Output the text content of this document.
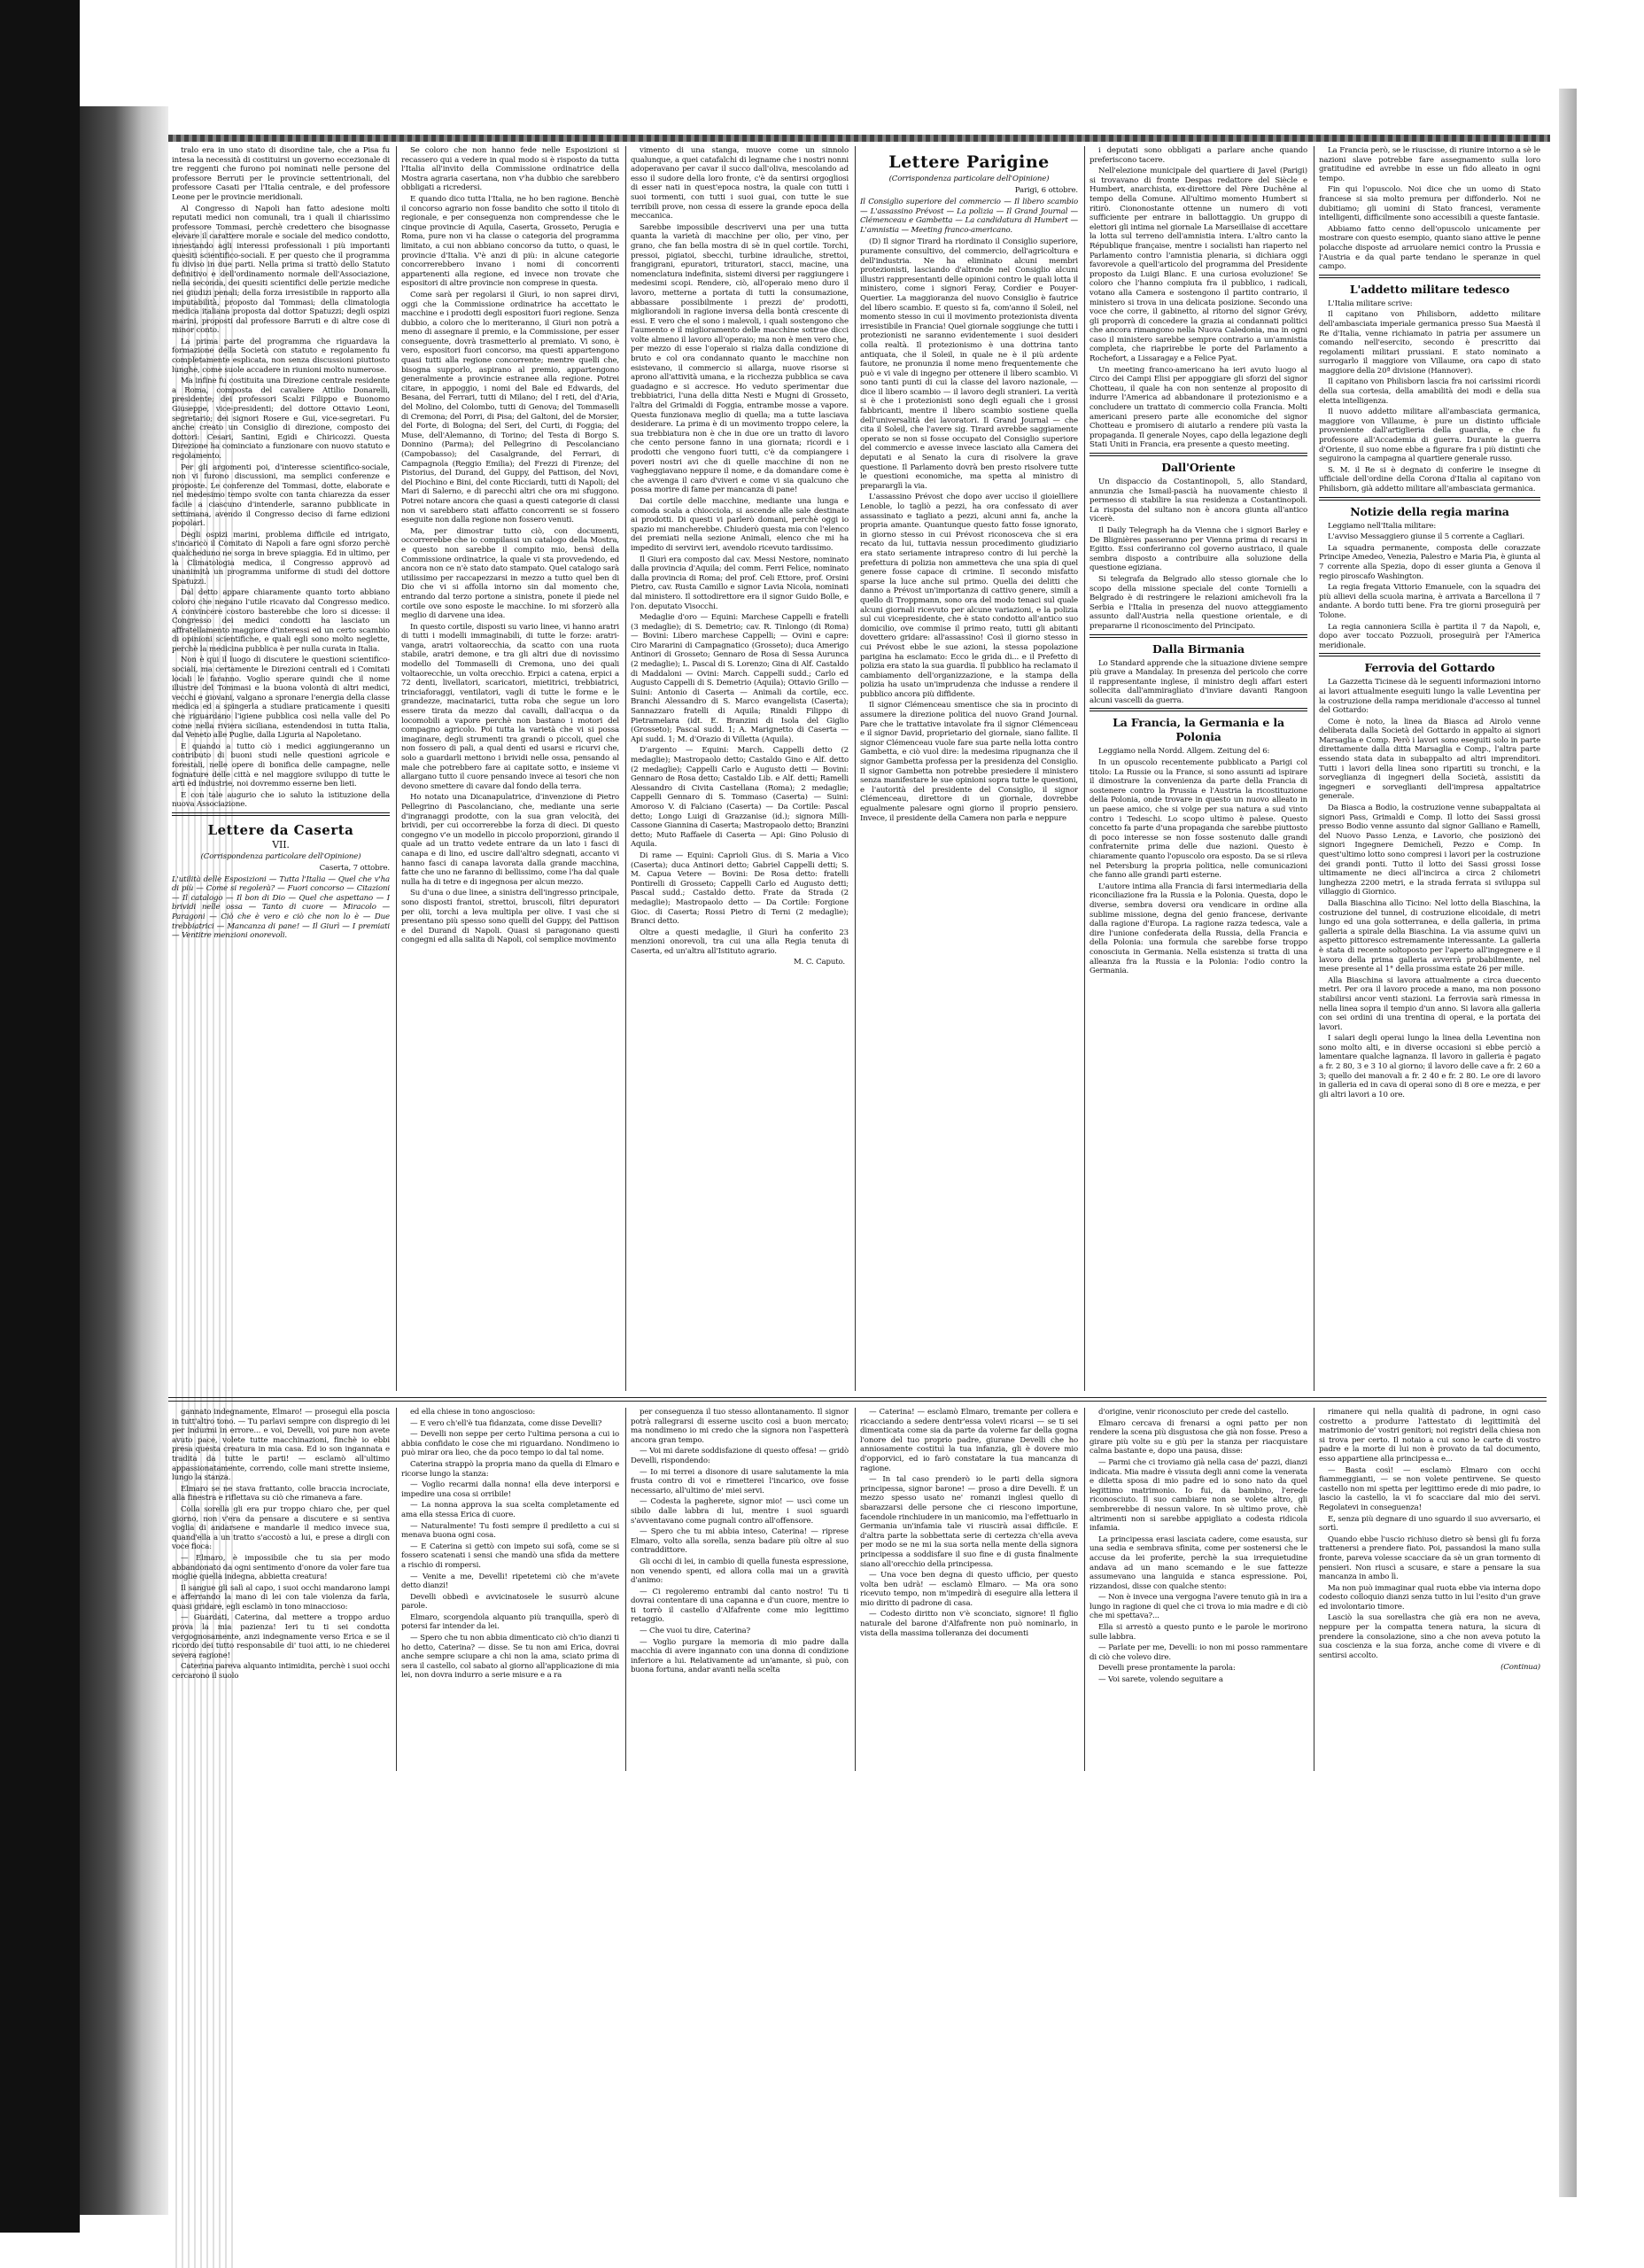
tralo era in uno stato di disordine tale, che a Pisa fu intesa la necessità di costituirsi un governo eccezionale di tre reggenti che furono poi nominati nelle persone del professore Berruti per le provincie settentrionali, del professore Casati per l'Italia centrale, e del professore Leone per le provincie meridionali.

Al Congresso di Napoli han fatto adesione molti reputati medici non comunali, tra i quali il chiarissimo professore Tommasi, perchè credettero che bisognasse elevare il carattere morale e sociale del medico condotto, innestando agli interessi professionali i più importanti quesiti scientifico-sociali. E per questo che il programma fu diviso in due parti. Nella prima si trattò dello Statuto definitivo e dell'ordinamento normale dell'Associazione, nella seconda, dei quesiti scientifici delle perizie mediche nei giudizi penali; della forza irresistibile in rapporto alla imputabilità, proposto dal Tommasi; della climatologia medica italiana proposta dal dottor Spatuzzi; degli ospizi marini, proposti dal professore Barruti e di altre cose di minor conto.

La prima parte del programma che riguardava la formazione della Società con statuto e regolamento fu completamente esplicata, non senza discussioni piuttosto lunghe, come suole accadere in riunioni molto numerose.

Ma infine fu costituita una Direzione centrale residente a Roma, composta del cavaliere Attilio Donarelli, presidente; dei professori Scalzi Filippo e Buonomo Giuseppe, vice-presidenti; del dottore Ottavio Leoni, segretario; dei signori Rosere e Gui, vice-segretari. Fu anche creato un Consiglio di direzione, composto dei dottori: Cesari, Santini, Egidi e Chiricozzi. Questa Direzione ha cominciato a funzionare con nuovo statuto e regolamento.

Per gli argomenti poi, d'interesse scientifico-sociale, non vi furono discussioni, ma semplici conferenze e proposte. Le conferenze del Tommasi, dotte, elaborate e nel medesimo tempo svolte con tanta chiarezza da esser facile a ciascuno d'intenderle, saranno pubblicate in settimana, avendo il Congresso deciso di farne edizioni popolari.

Degli ospizi marini, problema difficile ed intrigato, s'incaricò il Comitato di Napoli a fare ogni sforzo perchè qualcheduno ne sorga in breve spiaggia. Ed in ultimo, per la Climatologia medica, il Congresso approvò ad unanimità un programma uniforme di studi del dottore Spatuzzi.

Dal detto appare chiaramente quanto torto abbiano coloro che negano l'utile ricavato dal Congresso medico. A convincere costoro basterebbe che loro si dicesse: il Congresso dei medici condotti ha lasciato un affratellamento maggiore d'interessi ed un certo scambio di opinioni scientifiche, e quali egli sono molto neglette, perchè la medicina pubblica è per nulla curata in Italia.

Non è qui il luogo di discutere le questioni scientifico-sociali, ma certamente le Direzioni centrali ed i Comitati locali le faranno. Voglio sperare quindi che il nome illustre del Tommasi e la buona volontà di altri medici, vecchi e giovani, valgano a spronare l'energia della classe medica ed a spingerla a studiare praticamente i quesiti che riguardano l'igiene pubblica così nella valle del Po come nella riviera siciliana, estendendosi in tutta Italia, dal Veneto alle Puglie, dalla Liguria al Napoletano.

E quando a tutto ciò i medici aggiungeranno un contributo di buoni studi nelle questioni agricole e forestali, nelle opere di bonifica delle campagne, nelle fognature delle città e nel maggiore sviluppo di tutte le arti ed industrie, noi dovremmo esserne ben lieti.

E con tale augurio che io saluto la istituzione della nuova Associazione.

Lettere da Caserta
VII.
(Corrispondenza particolare dell'Opinione)
Caserta, 7 ottobre.
L'utilità delle Esposizioni — Tutta l'Italia — Quel che v'ha di più — Come si regolerà? — Fuori concorso — Citazioni — Il catalogo — Il bon di Dio — Quel che aspettano — I brividi nelle ossa — Tanto di cuore — Miracolo — Paragoni — Ciò che è vero e ciò che non lo è — Due trebbiatrici — Mancanza di pane! — Il Giurì — I premiati — Ventitre menzioni onorevoli.

Se coloro che non hanno fede nelle Esposizioni si recassero qui a vedere in qual modo si è risposto da tutta l'Italia all'invito della Commissione ordinatrice della Mostra agraria casertana, non v'ha dubbio che sarebbero obbligati a ricredersi.

E quando dico tutta l'Italia, ne ho ben ragione. Benchè il concorso agrario non fosse bandito che sotto il titolo di regionale, e per conseguenza non comprendesse che le cinque provincie di Aquila, Caserta, Grosseto, Perugia e Roma, pure non vi ha classe o categoria del programma limitato, a cui non abbiano concorso da tutto, o quasi, le provincie d'Italia. V'è anzi di più: in alcune categorie concorrerebbero invano i nomi di concorrenti appartenenti alla regione, ed invece non trovate che espositori di altre provincie non comprese in questa.

Come sarà per regolarsi il Giurì, io non saprei dirvi, oggi che la Commissione ordinatrice ha accettato le macchine e i prodotti degli espositori fuori regione. Senza dubbio, a coloro che lo meriteranno, il Giurì non potrà a meno di assegnare il premio, e la Commissione, per esser conseguente, dovrà trasmetterlo al premiato. Vi sono, è vero, espositori fuori concorso, ma questi appartengono quasi tutti alla regione concorrente; mentre quelli che, bisogna supporlo, aspirano al premio, appartengono generalmente a provincie estranee alla regione. Potrei citare, in appoggio, i nomi del Bale ed Edwards, del Besana, del Ferrari, tutti di Milano; del I reti, del d'Aria, del Molino, del Colombo, tutti di Genova; del Tommaselli di Cremona; del Porri, di Pisa; del Galtoni, del de Morsier, del Forte, di Bologna; del Seri, del Curti, di Foggia; del Muse, dell'Alemanno, di Torino; del Testa di Borgo S. Donnino (Parma); del Pellegrino di Pescolanciano (Campobasso); del Casalgrande, del Ferrari, di Campagnola (Reggio Emilia); del Frezzi di Firenze; del Pistorius, del Durand, del Guppy, del Pattison, del Novi, del Piochino e Bini, del conte Ricciardi, tutti di Napoli; del Mari di Salerno, e di parecchi altri che ora mi sfuggono. Potrei notare ancora che quasi a questi categorie di classi non vi sarebbero stati affatto concorrenti se si fossero eseguite non dalla regione non fossero venuti.

Ma, per dimostrar tutto ciò, con documenti, occorrerebbe che io compilassi un catalogo della Mostra, e questo non sarebbe il compito mio, bensì della Commissione ordinatrice, la quale vi sta provvedendo, ed ancora non ce n'è stato dato stampato. Quel catalogo sarà utilissimo per raccapezzarsi in mezzo a tutto quel ben di Dio che vi si affolla intorno sin dal momento che, entrando dal terzo portone a sinistra, ponete il piede nel cortile ove sono esposte le macchine. Io mi sforzerò alla meglio di darvene una idea.

In questo cortile, disposti su vario linee, vi hanno aratri di tutti i modelli immaginabili, di tutte le forze: aratri-vanga, aratri voltaorecchia, da scatto con una ruota stabile, aratri demone, e tra gli altri due di novissimo modello del Tommaselli di Cremona, uno dei quali voltaorecchie, un volta orecchio. Erpici a catena, erpici a 72 denti, livellatori, scaricatori, mietitrici, trebbiatrici, trinciaforaggi, ventilatori, vagli di tutte le forme e le grandezze, macinatarici, tutta roba che segue un loro essere tirata da mezzo dal cavalli, dall'acqua o da locomobili a vapore perchè non bastano i motori del compagno agricolo. Poi tutta la varietà che vi si possa imaginare, degli strumenti tra grandi o piccoli, quel che non fossero di pali, a qual denti ed usarsi e ricurvi che, solo a guardarli mettono i brividi nelle ossa, pensando al male che potrebbero fare ai capitate sotto, e insieme vi allargano tutto il cuore pensando invece ai tesori che non devono smettere di cavare dal fondo della terra.

Ho notato una Dicanapulatrice, d'invenzione di Pietro Pellegrino di Pascolanciano, che, mediante una serie d'ingranaggi prodotte, con la sua gran velocità, dei brividi, per cui occorrerebbe la forza di dieci. Di questo congegno v'e un modello in piccolo proporzioni, girando il quale ad un tratto vedete entrare da un lato i fasci di canapa e di lino, ed uscire dall'altro sdegnati, accanto vi hanno fasci di canapa lavorata dalla grande macchina, fatte che uno ne faranno di bellissimo, come l'ha dal quale nulla ha di tetre e di ingegnosa per alcun mezzo.

Su d'una o due linee, a sinistra dell'ingresso principale, sono disposti frantoi, strettoi, bruscoli, filtri depuratori per olii, torchi a leva multipla per olive. I vasi che si presentano più spesso sono quelli del Guppy, del Pattison e del Durand di Napoli. Quasi si paragonano questi congegni ed alla salita di Napoli, col semplice movimento

vimento di una stanga, muove come un sinnolo qualunque, a quei catafalchi di legname che i nostri nonni adoperavano per cavar il succo dall'oliva, mescolando ad esso il sudore della loro fronte, c'è da sentirsi orgogliosi di esser nati in quest'epoca nostra, la quale con tutti i suoi tormenti, con tutti i suoi guai, con tutte le sue terribili prove, non cessa di essere la grande epoca della meccanica.

Sarebbe impossibile descrivervi una per una tutta quanta la varietà di macchine per olio, per vino, per grano, che fan bella mostra di sè in quel cortile. Torchi, pressoi, pigiatoi, sbecchi, turbine idrauliche, strettoi, frangigrani, epuratori, trituratori, stacci, macine, una nomenclatura indefinita, sistemi diversi per raggiungere i medesimi scopi. Rendere, ciò, all'operaio meno duro il lavoro, metterne a portata di tutti la consumazione, abbassare possibilmente i prezzi de' prodotti, migliorandoli in ragione inversa della bontà crescente di essi. E vero che el sono i malevoli, i quali sostengono che l'aumento e il miglioramento delle macchine sottrae dicci volte almeno il lavoro all'operaio; ma non è men vero che, per mezzo di esse l'operaio si rialza dalla condizione di bruto e col ora condannato quanto le macchine non esistevano, il commercio si allarga, nuove risorse si aprono all'attività umana, e la ricchezza pubblica se cava guadagno e si accresce. Ho veduto sperimentar due trebbiatrici, l'una della ditta Nesti e Mugni di Grosseto, l'altra del Grimaldi di Foggia, entrambe mosse a vapore. Questa funzionava meglio di quella; ma a tutte lasciava desiderare. La prima è di un movimento troppo celere, la sua trebbiatura non è che in due ore un tratto di lavoro che cento persone fanno in una giornata; ricordi e i prodotti che vengono fuori tutti, c'è da compiangere i poveri nostri avi che di quelle macchine di non ne vagheggiavano neppure il nome, e da domandare come è che avvenga il caro d'viveri e come vi sia qualcuno che possa morire di fame per mancanza di pane!

Dai cortile delle macchine, mediante una lunga e comoda scala a chiocciola, si ascende alle sale destinate ai prodotti. Di questi vi parlerò domani, perchè oggi io spazio mi mancherebbe. Chiuderò questa mia con l'elenco dei premiati nella sezione Animali, elenco che mi ha impedito di servirvi ieri, avendolo ricevuto tardissimo.

Il Giurì era composto dal cav. Messi Nestore, nominato dalla provincia d'Aquila; del comm. Ferri Felice, nominato dalla provincia di Roma; del prof. Celi Ettore, prof. Orsini Pietro, cav. Rusta Camillo e signor Lavia Nicola, nominati dal ministero. Il sottodirettore era il signor Guido Bolle, e l'on. deputato Visocchi.

Medaglie d'oro — Equini: Marchese Cappelli e fratelli (3 medaglie); di S. Demetrio; cav. R. Tinlongo (di Roma) — Bovini: Libero marchese Cappelli; — Ovini e capre: Ciro Mararini di Campagnatico (Grosseto); duca Amerigo Antinori di Grosseto; Gennaro de Rosa di Sessa Aurunca (2 medaglie); L. Pascal di S. Lorenzo; Gina di Alf. Castaldo di Maddaloni — Ovini: March. Cappelli sudd.; Carlo ed Augusto Cappelli di S. Demetrio (Aquila); Ottavio Grillo — Suini: Antonio di Caserta — Animali da cortile, ecc. Branchi Alessandro di S. Marco evangelista (Caserta); Sannazzaro fratelli di Aquila; Rinaldi Filippo di Pietramelara (idt. E. Branzini di Isola del Giglio (Grosseto); Pascal sudd. 1; A. Marignetto di Caserta — Api sudd. 1; M. d'Orazio di Villetta (Aquila).

D'argento — Equini: March. Cappelli detto (2 medaglie); Mastropaolo detto; Castaldo Gino e Alf. detto (2 medaglie); Cappelli Carlo e Augusto detti — Bovini: Gennaro de Rosa detto; Castaldo Lib. e Alf. detti; Ramelli Alessandro di Civita Castellana (Roma); 2 medaglie; Cappelli Gennaro di S. Tommaso (Caserta) — Suini: Amoroso V. di Falciano (Caserta) — Da Cortile: Pascal detto; Longo Luigi di Grazzanise (id.); signora Milli-Cassone Giannina di Caserta; Mastropaolo detto; Branzini detto; Muto Raffaele di Caserta — Api: Gino Polusio di Aquila.

Di rame — Equini: Caprioli Gius. di S. Maria a Vico (Caserta); duca Antinori detto; Gabriel Cappelli detti; S. M. Capua Vetere — Bovini: De Rosa detto: fratelli Pontirelli di Grosseto; Cappelli Carlo ed Augusto detti; Pascal sudd.; Castaldo detto. Frate da Strada (2 medaglie); Mastropaolo detto — Da Cortile: Forgione Gioc. di Caserta; Rossi Pietro di Terni (2 medaglie); Branci detto.

Oltre a questi medaglie, il Giurì ha conferito 23 menzioni onorevoli, tra cui una alla Regia tenuta di Caserta, ed un'altra all'Istituto agrario.

M. C. Caputo.
Lettere Parigine
(Corrispondenza particolare dell'Opinione)
Parigi, 6 ottobre.
Il Consiglio superiore del commercio — Il libero scambio — L'assassino Prévost — La polizia — Il Grand Journal — Clémenceau e Gambetta — La candidatura di Humbert — L'amnistia — Meeting franco-americano.

(D) Il signor Tirard ha riordinato il Consiglio superiore, puramente consultivo, del commercio, dell'agricoltura e dell'industria. Ne ha eliminato alcuni membri protezionisti, lasciando d'altronde nel Consiglio alcuni illustri rappresentanti delle opinioni contro le quali lotta il ministero, come i signori Feray, Cordier e Pouyer-Quertier. La maggioranza del nuovo Consiglio è fautrice del libero scambio. E questo si fa, com'anno il Soleil, nel momento stesso in cui il movimento protezionista diventa irresistibile in Francia! Quel giornale soggiunge che tutti i protezionisti ne saranno evidentemente i suoi desideri colla realtà. Il protezionismo è una dottrina tanto antiquata, che il Soleil, in quale ne è il più ardente fautore, ne pronunzia il nome meno frequentemente che può e vi vale di ingegno per ottenere il libero scambio. Vi sono tanti punti di cui la classe del lavoro nazionale, — dice il libero scambio — il lavoro degli stranieri. La verità si è che i protezionisti sono degli eguali che i grossi fabbricanti, mentre il libero scambio sostiene quella dell'universalità dei lavoratori. Il Grand Journal — che cita il Soleil, che l'avere sig. Tirard avrebbe saggiamente operato se non si fosse occupato del Consiglio superiore del commercio e avesse invece lasciato alla Camera dei deputati e al Senato la cura di risolvere la grave questione. Il Parlamento dovrà ben presto risolvere tutte le questioni economiche, ma spetta al ministro di prepararglì la via.

L'assassino Prévost che dopo aver ucciso il gioielliere Lenoble, lo tagliò a pezzi, ha ora confessato di aver assassinato e tagliato a pezzi, alcuni anni fa, anche la propria amante. Quantunque questo fatto fosse ignorato, in giorno stesso in cui Prévost riconosceva che si era recato da lui, tuttavia nessun procedimento giudiziario era stato seriamente intrapreso contro di lui perchè la prefettura di polizia non ammetteva che una spia di quel genere fosse capace di crimine. Il secondo misfatto sparse la luce anche sul primo. Quella dei delitti che danno a Prévost un'importanza di cattivo genere, simili a quello di Troppmann, sono ora del modo tenaci sul quale alcuni giornali ricevuto per alcune variazioni, e la polizia sul cui vicepresidente, che è stato condotto all'antico suo domicilio, ove commise il primo reato, tutti gli abitanti dovettero gridare: all'assassino! Così il giorno stesso in cui Prévost ebbe le sue azioni, la stessa popolazione parigina ha esclamato: Ecco le grida di... e il Prefetto di polizia era stato la sua guardia. Il pubblico ha reclamato il cambiamento dell'organizzazione, e la stampa della polizia ha usato un'imprudenza che indusse a rendere il pubblico ancora più diffidente.

Il signor Clémenceau smentisce che sia in procinto di assumere la direzione politica del nuovo Grand Journal. Pare che le trattative intavolate fra il signor Clémenceau e il signor David, proprietario del giornale, siano fallite. Il signor Clémenceau vuole fare sua parte nella lotta contro Gambetta, e ciò vuol dire: la medesima ripugnanza che il signor Gambetta professa per la presidenza del Consiglio. Il signor Gambetta non potrebbe presiedere il ministero senza manifestare le sue opinioni sopra tutte le questioni, e l'autorità del presidente del Consiglio, il signor Clémenceau, direttore di un giornale, dovrebbe egualmente palesare ogni giorno il proprio pensiero. Invece, il presidente della Camera non parla e neppure

i deputati sono obbligati a parlare anche quando preferiscono tacere.

Nell'elezione municipale del quartiere di Javel (Parigi) si trovavano di fronte Despas redattore del Siècle e Humbert, anarchista, ex-direttore del Père Duchêne al tempo della Comune. All'ultimo momento Humbert si ritirò. Ciononostante ottenne un numero di voti sufficiente per entrare in ballottaggio. Un gruppo di elettori gli intima nel giornale La Marseillaise di accettare la lotta sul terreno dell'amnistia intera. L'altro canto la République française, mentre i socialisti han riaperto nel Parlamento contro l'amnistia plenaria, si dichiara oggi favorevole a quell'articolo del programma del Presidente proposto da Luigi Blanc. E una curiosa evoluzione! Se coloro che l'hanno compiuta fra il pubblico, i radicali, votano alla Camera e sostengono il partito contrario, il ministero si trova in una delicata posizione. Secondo una voce che corre, il gabinetto, al ritorno del signor Grévy, gli proporrà di concedere la grazia ai condannati politici che ancora rimangono nella Nuova Caledonia, ma in ogni caso il ministero sarebbe sempre contrario a un'amnistia completa, che riaprirebbe le porte del Parlamento a Rochefort, a Lissaragay e a Felice Pyat.

Un meeting franco-americano ha ieri avuto luogo al Circo dei Campi Elisi per appoggiare gli sforzi del signor Chotteau, il quale ha con non sentenze al proposito di indurre l'America ad abbandonare il protezionismo e a concludere un trattato di commercio colla Francia. Molti americani presero parte alle economiche del signor Chotteau e promisero di aiutarlo a rendere più vasta la propaganda. Il generale Noyes, capo della legazione degli Stati Uniti in Francia, era presente a questo meeting.

Dall'Oriente

Un dispaccio da Costantinopoli, 5, allo Standard, annunzia che Ismail-pascià ha nuovamente chiesto il permesso di stabilire la sua residenza a Costantinopoli. La risposta del sultano non è ancora giunta all'antico vicerè.

Il Daily Telegraph ha da Vienna che i signori Barley e De Blignières passeranno per Vienna prima di recarsi in Egitto. Essi conferiranno col governo austriaco, il quale sembra disposto a contribuire alla soluzione della questione egiziana.

Si telegrafa da Belgrado allo stesso giornale che lo scopo della missione speciale del conte Tornielli a Belgrado è di restringere le relazioni amichevoli fra la Serbia e l'Italia in presenza del nuovo atteggiamento assunto dall'Austria nella questione orientale, e di prepararne il riconoscimento del Principato.

Dalla Birmania

Lo Standard apprende che la situazione diviene sempre più grave a Mandalay. In presenza del pericolo che corre il rappresentante inglese, il ministro degli affari esteri sollecita dall'ammiragliato d'inviare davanti Rangoon alcuni vascelli da guerra.

La Francia, la Germania e la Polonia

Leggiamo nella Nordd. Allgem. Zeitung del 6:

In un opuscolo recentemente pubblicato a Parigi col titolo: La Russie ou la France, si sono assunti ad ispirare il dimostrare la convenienza da parte della Francia di sostenere contro la Prussia e l'Austria la ricostituzione della Polonia, onde trovare in questo un nuovo alleato in un paese amico, che si volge per sua natura a sud vinto contro i Tedeschi. Lo scopo ultimo è palese. Questo concetto fa parte d'una propaganda che sarebbe piuttosto di poco interesse se non fosse sostenuto dalle grandi confraternite prima delle due nazioni. Questo è chiaramente quanto l'opuscolo ora esposto. Da se si rileva nel Petersburg la propria politica, nelle comunicazioni che fanno alle grandi parti esterne.

L'autore intima alla Francia di farsi intermediaria della riconciliazione fra la Russia e la Polonia. Questa, dopo le diverse, sembra doversi ora vendicare in ordine alla sublime missione, degna del genio francese, derivante dalla ragione d'Europa. La ragione razza tedesca, vale a dire l'unione confederata della Russia, della Francia e della Polonia: una formula che sarebbe forse troppo conosciuta in Germania. Nella esistenza si tratta di una alleanza fra la Russia e la Polonia: l'odio contro la Germania.

La Francia però, se le riuscisse, di riunire intorno a sè le nazioni slave potrebbe fare assegnamento sulla loro gratitudine ed avrebbe in esse un fido alleato in ogni tempo.

Fin qui l'opuscolo. Noi dice che un uomo di Stato francese si sia molto premura per diffonderlo. Noi ne dubitiamo; gli uomini di Stato francesi, veramente intelligenti, difficilmente sono accessibili a queste fantasie.

Abbiamo fatto cenno dell'opuscolo unicamente per mostrare con questo esempio, quanto siano attive le penne polacche disposte ad arruolare nemici contro la Prussia e l'Austria e da qual parte tendano le speranze in quel campo.

L'addetto militare tedesco

L'Italia militare scrive:

Il capitano von Philisborn, addetto militare dell'ambasciata imperiale germanica presso Sua Maestà il Re d'Italia, venne richiamato in patria per assumere un comando nell'esercito, secondo è prescritto dai regolamenti militari prussiani. E stato nominato a surrogarlo il maggiore von Villaume, ora capo di stato maggiore della 20ª divisione (Hannover).

Il capitano von Philisborn lascia fra noi carissimi ricordi della sua cortesia, della amabilità dei modi e della sua eletta intelligenza.

Il nuovo addetto militare all'ambasciata germanica, maggiore von Villaume, è pure un distinto ufficiale proveniente dall'artiglieria della guardia, e che fu professore all'Accademia di guerra. Durante la guerra d'Oriente, il suo nome ebbe a figurare fra i più distinti che seguirono la campagna al quartiere generale russo.

S. M. il Re si è degnato di conferire le insegne di ufficiale dell'ordine della Corona d'Italia al capitano von Philisborn, già addetto militare all'ambasciata germanica.

Notizie della regia marina

Leggiamo nell'Italia militare:

L'avviso Messaggiero giunse il 5 corrente a Cagliari.

La squadra permanente, composta delle corazzate Principe Amedeo, Venezia, Palestro e Maria Pia, è giunta al 7 corrente alla Spezia, dopo di esser giunta a Genova il regio piroscafo Washington.

La regia fregata Vittorio Emanuele, con la squadra dei più allievi della scuola marina, è arrivata a Barcellona il 7 andante. A bordo tutti bene. Fra tre giorni proseguirà per Tolone.

La regia cannoniera Scilla è partita il 7 da Napoli, e, dopo aver toccato Pozzuoli, proseguirà per l'America meridionale.

Ferrovia del Gottardo

La Gazzetta Ticinese dà le seguenti informazioni intorno ai lavori attualmente eseguiti lungo la valle Leventina per la costruzione della rampa meridionale d'accesso al tunnel del Gottardo:

Come è noto, la linea da Biasca ad Airolo venne deliberata dalla Società del Gottardo in appalto ai signori Marsaglia e Comp. Però i lavori sono eseguiti solo in parte direttamente dalla ditta Marsaglia e Comp., l'altra parte essendo stata data in subappalto ad altri imprenditori. Tutti i lavori della linea sono ripartiti su tronchi, e la sorveglianza di ingegneri della Società, assistiti da ingegneri e sorveglianti dell'impresa appaltatrice generale.

Da Biasca a Bodio, la costruzione venne subappaltata ai signori Pass, Grimaldi e Comp. Il lotto dei Sassi grossi presso Bodio venne assunto dal signor Galliano e Ramelli, del Nuovo Passo Lenza, e Lavorio, che posizionò dei signori Ingegnere Demichelì, Pezzo e Comp. In quest'ultimo lotto sono compresi i lavori per la costruzione dei grandi ponti. Tutto il lotto dei Sassi grossi Iosse ultimamente ne dieci all'incirca a circa 2 chilometri lunghezza 2200 metri, e la strada ferrata si sviluppa sul villaggio di Giornico.

Dalla Biaschina allo Ticino: Nel lotto della Biaschina, la costruzione del tunnel, di costruzione elicoidale, di metri lungo ed una gola sotterranea, e della galleria, in prima galleria a spirale della Biaschina. La via assume quivi un aspetto pittoresco estremamente interessante. La galleria è stata di recente soltoposto per l'aperto all'ingegnere e il lavoro della prima galleria avverrà probabilmente, nel mese presente al 1° della prossima estate 26 per mille.

Alla Biaschina si lavora attualmente a circa duecento metri. Per ora il lavoro procede a mano, ma non possono stabilirsi ancor venti stazioni. La ferrovia sarà rimessa in nella linea sopra il tempio d'un anno. Si lavora alla galleria con sei ordini di una trentina di operai, e la portata dei lavori.

I salari degli operai lungo la linea della Leventina non sono molto alti, e in diverse occasioni si ebbe perciò a lamentare qualche lagnanza. Il lavoro in galleria è pagato a fr. 2 80, 3 e 3 10 al giorno; il lavoro delle cave a fr. 2 60 a 3; quello dei manovali a fr. 2 40 e fr. 2 80. Le ore di lavoro in galleria ed in cava di operai sono di 8 ore e mezza, e per gli altri lavori a 10 ore.

gannato indegnamente, Elmaro! — proseguì ella poscia in tutt'altro tono. — Tu parlavi sempre con dispregio di lei per indurmi in errore... e voi, Develli, voi pure non avete avuto pace, volete tutte macchinazioni, finchè io ebbi presa questa creatura in mia casa. Ed io son ingannata e tradita da tutte le parti! — esclamò all'ultimo appassionatamente, correndo, colle mani strette insieme, lungo la stanza.

Elmaro se ne stava frattanto, colle braccia incrociate, alla finestra e riflettava su ciò che rimaneva a fare.

Colla sorella gli era pur troppo chiaro che, per quel giorno, non v'era da pensare a discutere e si sentiva voglia di andarsene e mandarle il medico invece sua, quand'ella a un tratto s'accostò a lui, e prese a dirgli con voce fioca:

— Elmaro, è impossibile che tu sia per modo abbandonato da ogni sentimento d'onore da voler fare tua moglie quella indegna, abbietta creatura!

Il sangue gli salì al capo, i suoi occhi mandarono lampi e afferrando la mano di lei con tale violenza da farla, quasi gridare, egli esclamò in tono minaccioso:

— Guardati, Caterina, dal mettere a troppo arduo prova la mia pazienza! Ieri tu ti sei condotta vergognosamente, anzi indegnamente verso Erica e se il ricordo dei tutto responsabile di' tuoi atti, io ne chiederei severa ragione!

Caterina pareva alquanto intimidita, perchè i suoi occhi cercarono il suolo

ed ella chiese in tono angoscioso:

— E vero ch'ell'è tua fidanzata, come disse Develli?

— Develli non seppe per certo l'ultima persona a cui io abbia confidato le cose che mi riguardano. Nondimeno io può mirar ora lieo, che da poco tempo io dal tal nome.

Caterina strappò la propria mano da quella di Elmaro e ricorse lungo la stanza:

— Voglio recarmi dalla nonna! ella deve interporsi e impedire una cosa si orribile!

— La nonna approva la sua scelta completamente ed ama ella stessa Erica di cuore.

— Naturalmente! Tu fosti sempre il prediletto a cui si menava buona ogni cosa.

— E Caterina si gettò con impeto sui sofà, come se si fossero scatenati i sensi che mandò una sfida da mettere a rischio di rompersi.

— Venite a me, Develli! ripetetemi ciò che m'avete detto dianzi!

Develli obbedì e avvicinatosele le susurrò alcune parole.

Elmaro, scorgendola alquanto più tranquilla, sperò di potersi far intender da lei.

— Spero che tu non abbia dimenticato ciò ch'io dianzi ti ho detto, Caterina? — disse. Se tu non ami Erica, dovrai anche sempre sciupare a chi non la ama, sciato prima di sera il castello, col sabato al giorno all'applicazione di mia lei, non dovra indurro a serie misure e a ra

per conseguenza il tuo stesso allontanamento. Il signor potrà rallegrarsi di esserne uscito così a buon mercato; ma nondimeno io mi credo che la signora non l'aspetterà ancora gran tempo.

— Voi mi darete soddisfazione di questo offesa! — gridò Develli, rispondendo:

— Io mi terrei a disonore di usare salutamente la mia frusta contro di voi e rimetterei l'incarico, ove fosse necessario, all'ultimo de' miei servi.

— Codesta la pagherete, signor mio! — uscì come un sibilo dalle labbra di lui, mentre i suoi sguardi s'avventavano come pugnali contro all'offensore.

— Spero che tu mi abbia inteso, Caterina! — riprese Elmaro, volto alla sorella, senza badare più oltre al suo contraddittore.

Gli occhi di lei, in cambio di quella funesta espressione, non venendo spenti, ed allora colla mai un a gravità d'animo:

— Ci regoleremo entrambi dal canto nostro! Tu ti dovrai contentare di una capanna e d'un cuore, mentre io ti torrò il castello d'Alfafrente come mio legittimo retaggio.

— Che vuoi tu dire, Caterina?

— Voglio purgare la memoria di mio padre dalla macchia di avere ingannato con una donna di condizione inferiore a lui. Relativamente ad un'amante, sì può, con buona fortuna, andar avanti nella scelta

— Caterina! — esclamò Elmaro, tremante per collera e ricacciando a sedere dentr'essa volevi ricarsi — se ti sei dimenticata come sia da parte da volerne far della gogna l'onore del tuo proprio padre, giurane Develli che ho anniosamente costituì la tua infanzia, gli è dovere mio d'opporvici, ed io farò constatare la tua mancanza di ragione.

— In tal caso prenderò io le parti della signora principessa, signor barone! — proso a dire Develli. È un mezzo spesso usato ne' romanzi inglesi quello di sbarazzarsi delle persone che ci riescono importune, facendole rinchiudere in un manicomio, ma l'effettuarlo in Germania un'infamia tale vi riuscirà assai difficile. E d'altra parte la sobbettata serie di certezza ch'ella aveva per modo se ne mi la sua sorta nella mente della signora principessa a soddisfare il suo fine e di gusta finalmente siano all'orecchio della principessa.

— Una voce ben degna di questo ufficio, per questo volta ben udrà! — esclamò Elmaro. — Ma ora sono ricevuto tempo, non m'impedirà di eseguire alla lettera il mio diritto di padrone di casa.

— Codesto diritto non v'è sconciato, signore! Il figlio naturale del barone d'Alfafrente non può nominarlo, in vista della massima tolleranza dei documenti

d'origine, venir riconosciuto per crede del castello.

Elmaro cercava di frenarsi a ogni patto per non rendere la scena più disgustosa che già non fosse. Preso a girare più volte su e giù per la stanza per riacquistare calma bastante e, dopo una pausa, disse:

— Parmi che ci troviamo già nella casa de' pazzi, dianzi indicata. Mia madre è vissuta degli anni come la venerata e diletta sposa di mio padre ed io sono nato da quel legittimo matrimonio. Io fui, da bambino, l'erede riconosciuto. Il suo cambiare non se volete altro, gli sembrerebbe di nessun valore. In sè ultimo prove, chè altrimenti non si sarebbe appigliato a codesta ridicola infamia.

La principessa erasi lasciata cadere, come esausta, sur una sedia e sembrava sfinita, come per sostenersi che le accuse da lei proferite, perchè la sua irrequietudine andava ad un mano scemando e le sue fattezze assumevano una languida e stanca espressione. Poi, rizzandosi, disse con qualche stento:

— Non è invece una vergogna l'avere tenuto già in ira a lungo in ragione di quel che ci trova io mia madre e di ciò che mi spettava?...

Ella si arrestò a questo punto e le parole le morirono sulle labbra.

— Parlate per me, Develli: io non mi posso rammentare di ciò che volevo dire.

Develli prese prontamente la parola:

— Voi sarete, volendo seguitare a

rimanere qui nella qualità di padrone, in ogni caso costretto a produrre l'attestato di legittimità del matrimonio de' vostri genitori; noi registri della chiesa non si trova per certo. Il notaio a cui sono le carte di vostro padre e la morte di lui non è provato da tal documento, esso appartiene alla principessa e...

— Basta così! — esclamò Elmaro con occhi fiammeggianti, — se non volete pentirvene. Se questo castello non mi spetta per legittimo erede di mio padre, io lascio la castello, la vi fo scacciare dal mio dei servi. Regolatevi in conseguenza!

E, senza più degnare di uno sguardo il suo avversario, ei sortì.

Quando ebbe l'uscio richiuso dietro sè bensì gli fu forza trattenersi a prendere fiato. Poi, passandosi la mano sulla fronte, pareva volesse scacciare da sè un gran tormento di pensieri. Non riuscì a scusare, e stare a pensare la sua mancanza in ambo lì.

Ma non può immaginar qual ruota ebbe via interna dopo codesto colloquio dianzi senza tutto in lui l'esito d'un grave ed involontario timore.

Lasciò la sua sorellastra che già era non ne aveva, neppure per la compatta tenera natura, la sicura di prendere la consolazione, sino a che non aveva potuto la sua coscienza e la sua forza, anche come di vivere e di sentirsi accolto.

(Continua)
